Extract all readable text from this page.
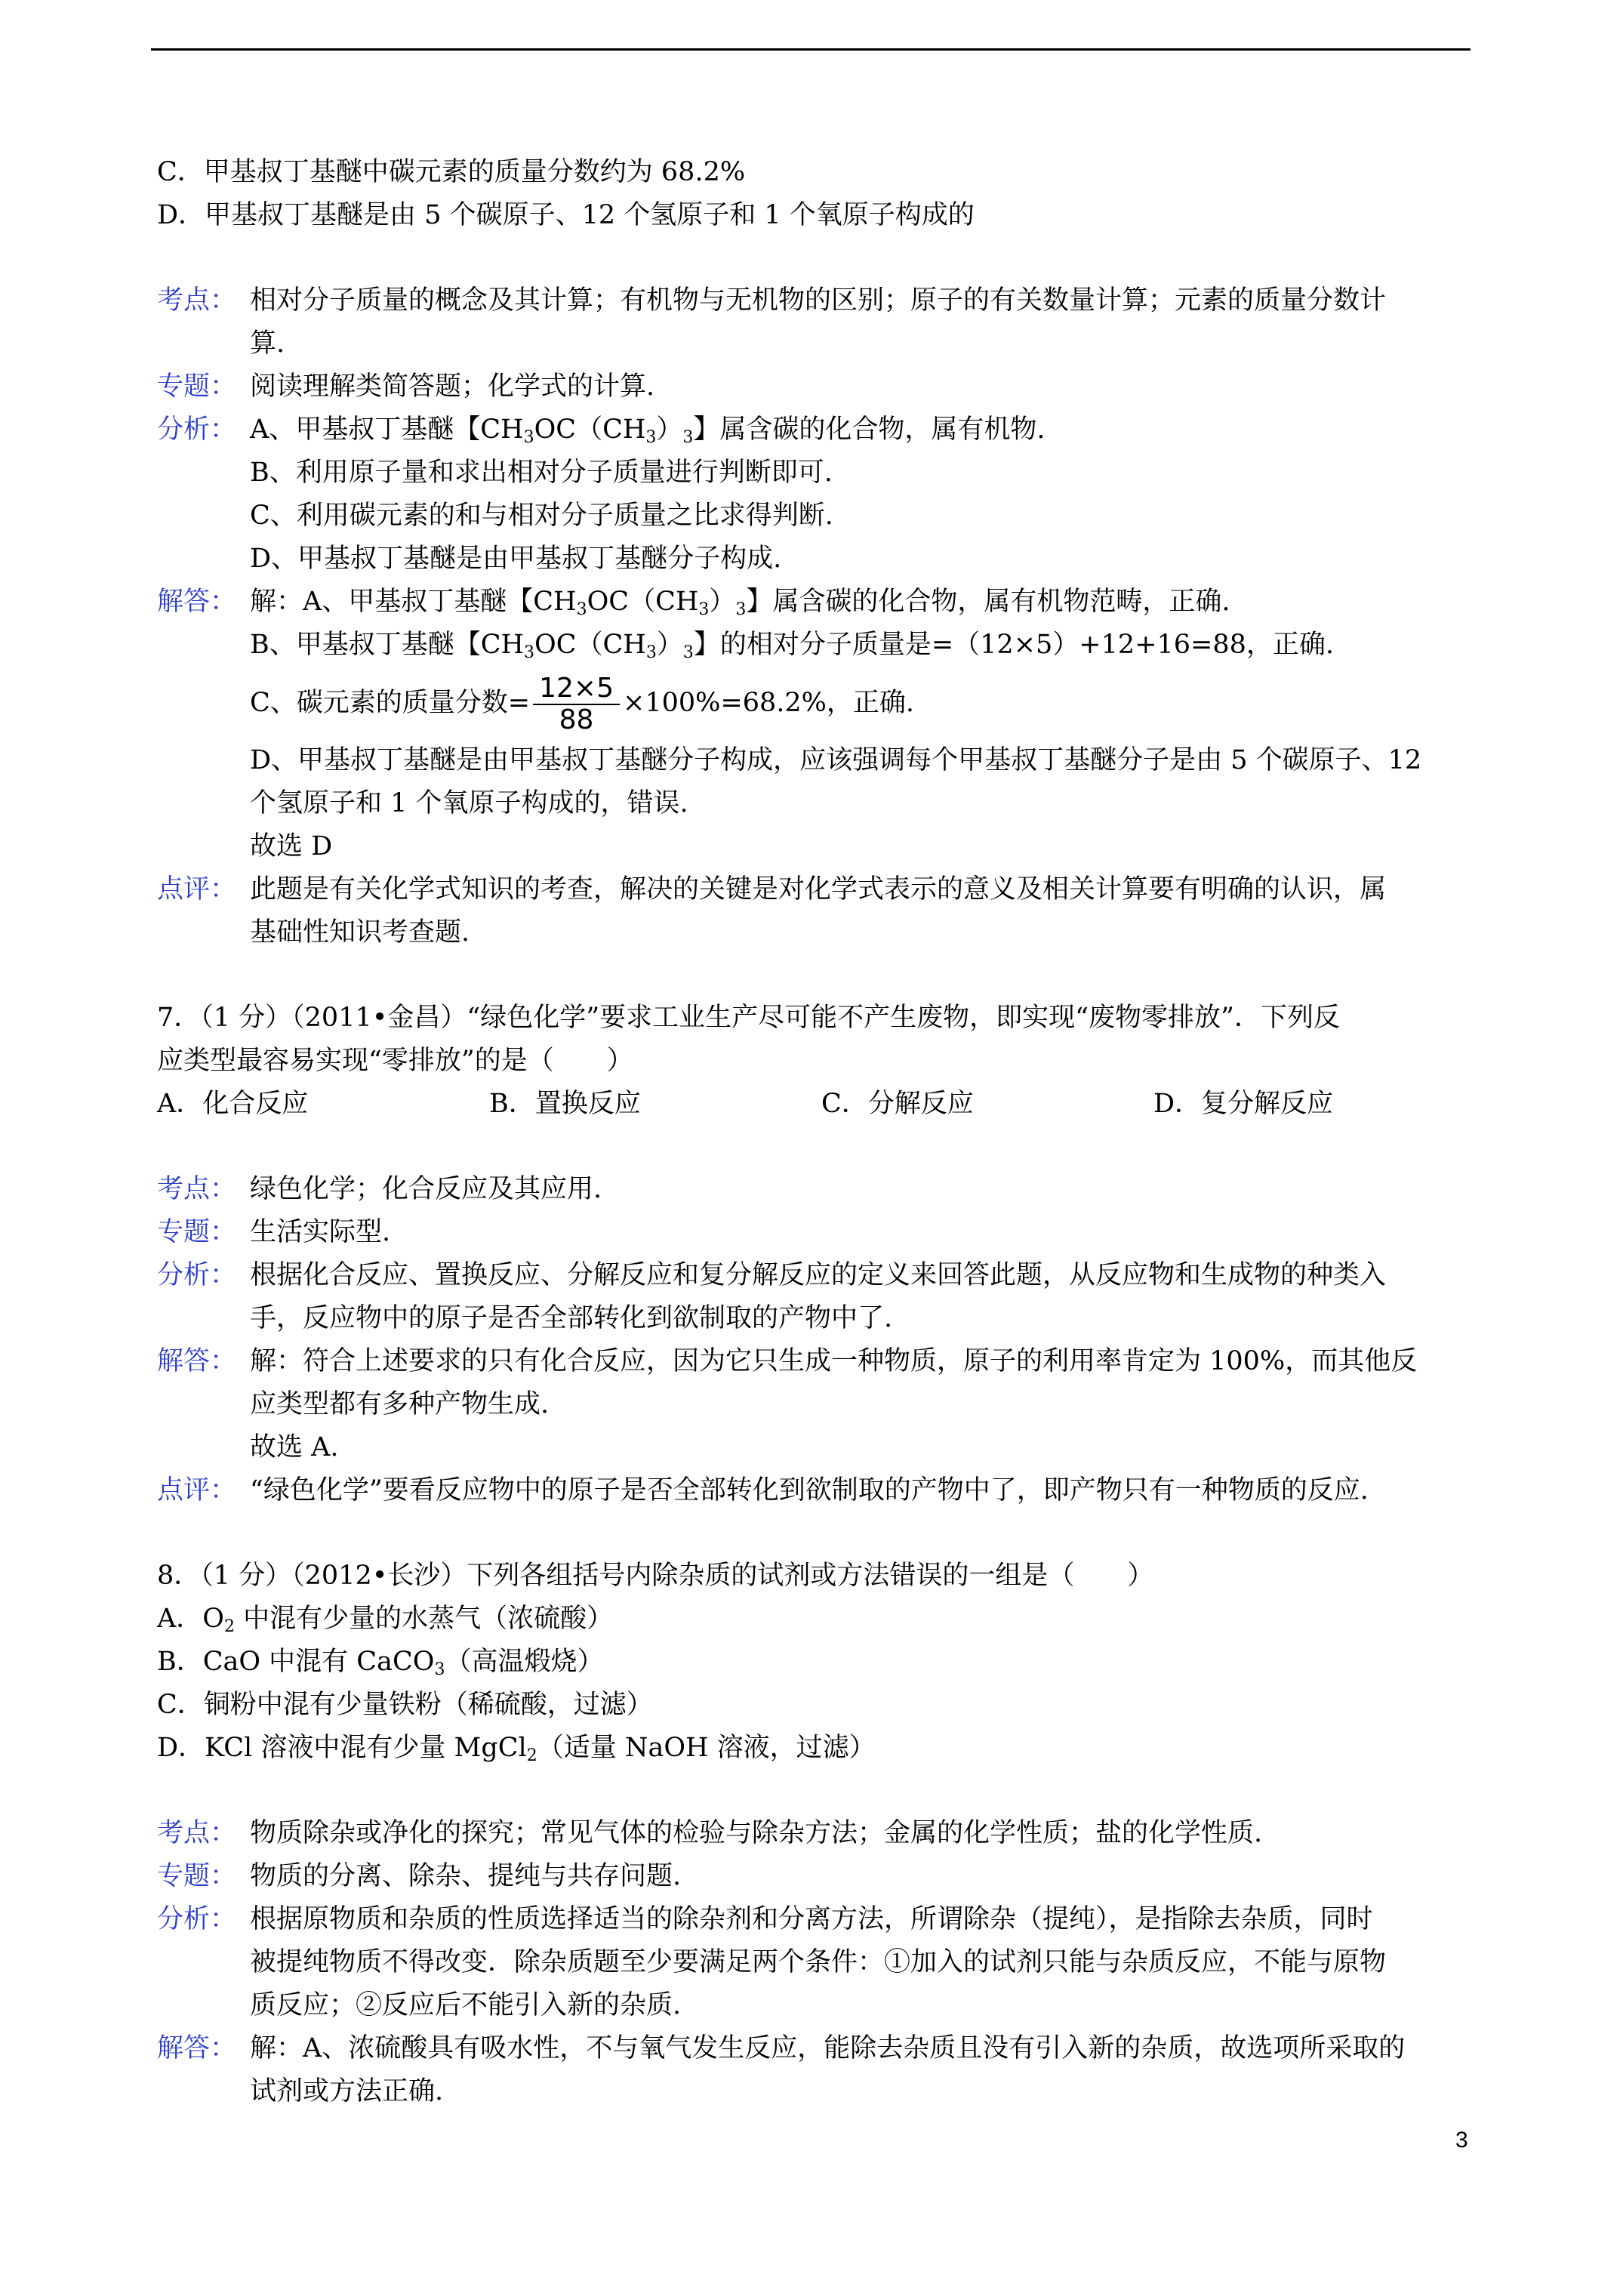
C．甲基叔丁基醚中碳元素的质量分数约为 68.2%
D．甲基叔丁基醚是由 5 个碳原子、12 个氢原子和 1 个氧原子构成的
考点： 相对分子质量的概念及其计算；有机物与无机物的区别；原子的有关数量计算；元素的质量分数计
算.
专题： 阅读理解类简答题；化学式的计算.
分析： A、甲基叔丁基醚【$CH_3OC(CH_3)_3$】属含碳的化合物，属有机物.
B、利用原子量和求出相对分子质量进行判断即可.
C、利用碳元素的和与相对分子质量之比求得判断.
D、甲基叔丁基醚是由甲基叔丁基醚分子构成.
解答： 解：A、甲基叔丁基醚【$CH_3OC(CH_3)_3$】属含碳的化合物，属有机物范畴，正确.
B、甲基叔丁基醚【$CH_3OC(CH_3)_3$】的相对分子质量是=（12×5）+12+16=88，正确.
C、碳元素的质量分数= $\frac{12\times 5}{88} \times 100\%=68.2\%$，正确.
D、甲基叔丁基醚是由甲基叔丁基醚分子构成，应该强调每个甲基叔丁基醚分子是由 5 个碳原子、12
个氢原子和 1 个氧原子构成的，错误.
故选 D
点评： 此题是有关化学式知识的考查，解决的关键是对化学式表示的意义及相关计算要有明确的认识，属
基础性知识考查题.
7．（1 分）（2011•金昌）“绿色化学”要求工业生产尽可能不产生废物，即实现“废物零排放”．下列反
应类型最容易实现“零排放”的是（　　）
A．化合反应	B．置换反应	C．分解反应	D．复分解反应
考点： 绿色化学；化合反应及其应用.
专题： 生活实际型.
分析： 根据化合反应、置换反应、分解反应和复分解反应的定义来回答此题，从反应物和生成物的种类入
手，反应物中的原子是否全部转化到欲制取的产物中了.
解答： 解：符合上述要求的只有化合反应，因为它只生成一种物质，原子的利用率肯定为 100%，而其他反
应类型都有多种产物生成.
故选 A.
点评： “绿色化学”要看反应物中的原子是否全部转化到欲制取的产物中了，即产物只有一种物质的反应.
8．（1 分）（2012•长沙）下列各组括号内除杂质的试剂或方法错误的一组是（　　）
A．$O_2$ 中混有少量的水蒸气（浓硫酸）
B．CaO 中混有 CaCO$_3$（高温煅烧）
C．铜粉中混有少量铁粉（稀硫酸，过滤）
D．KCl 溶液中混有少量 MgCl$_2$（适量 NaOH 溶液，过滤）
考点： 物质除杂或净化的探究；常见气体的检验与除杂方法；金属的化学性质；盐的化学性质.
专题： 物质的分离、除杂、提纯与共存问题.
分析： 根据原物质和杂质的性质选择适当的除杂剂和分离方法，所谓除杂（提纯），是指除去杂质，同时
被提纯物质不得改变．除杂质题至少要满足两个条件：①加入的试剂只能与杂质反应，不能与原物
质反应；②反应后不能引入新的杂质.
解答： 解：A、浓硫酸具有吸水性，不与氧气发生反应，能除去杂质且没有引入新的杂质，故选项所采取的
试剂或方法正确.
3
